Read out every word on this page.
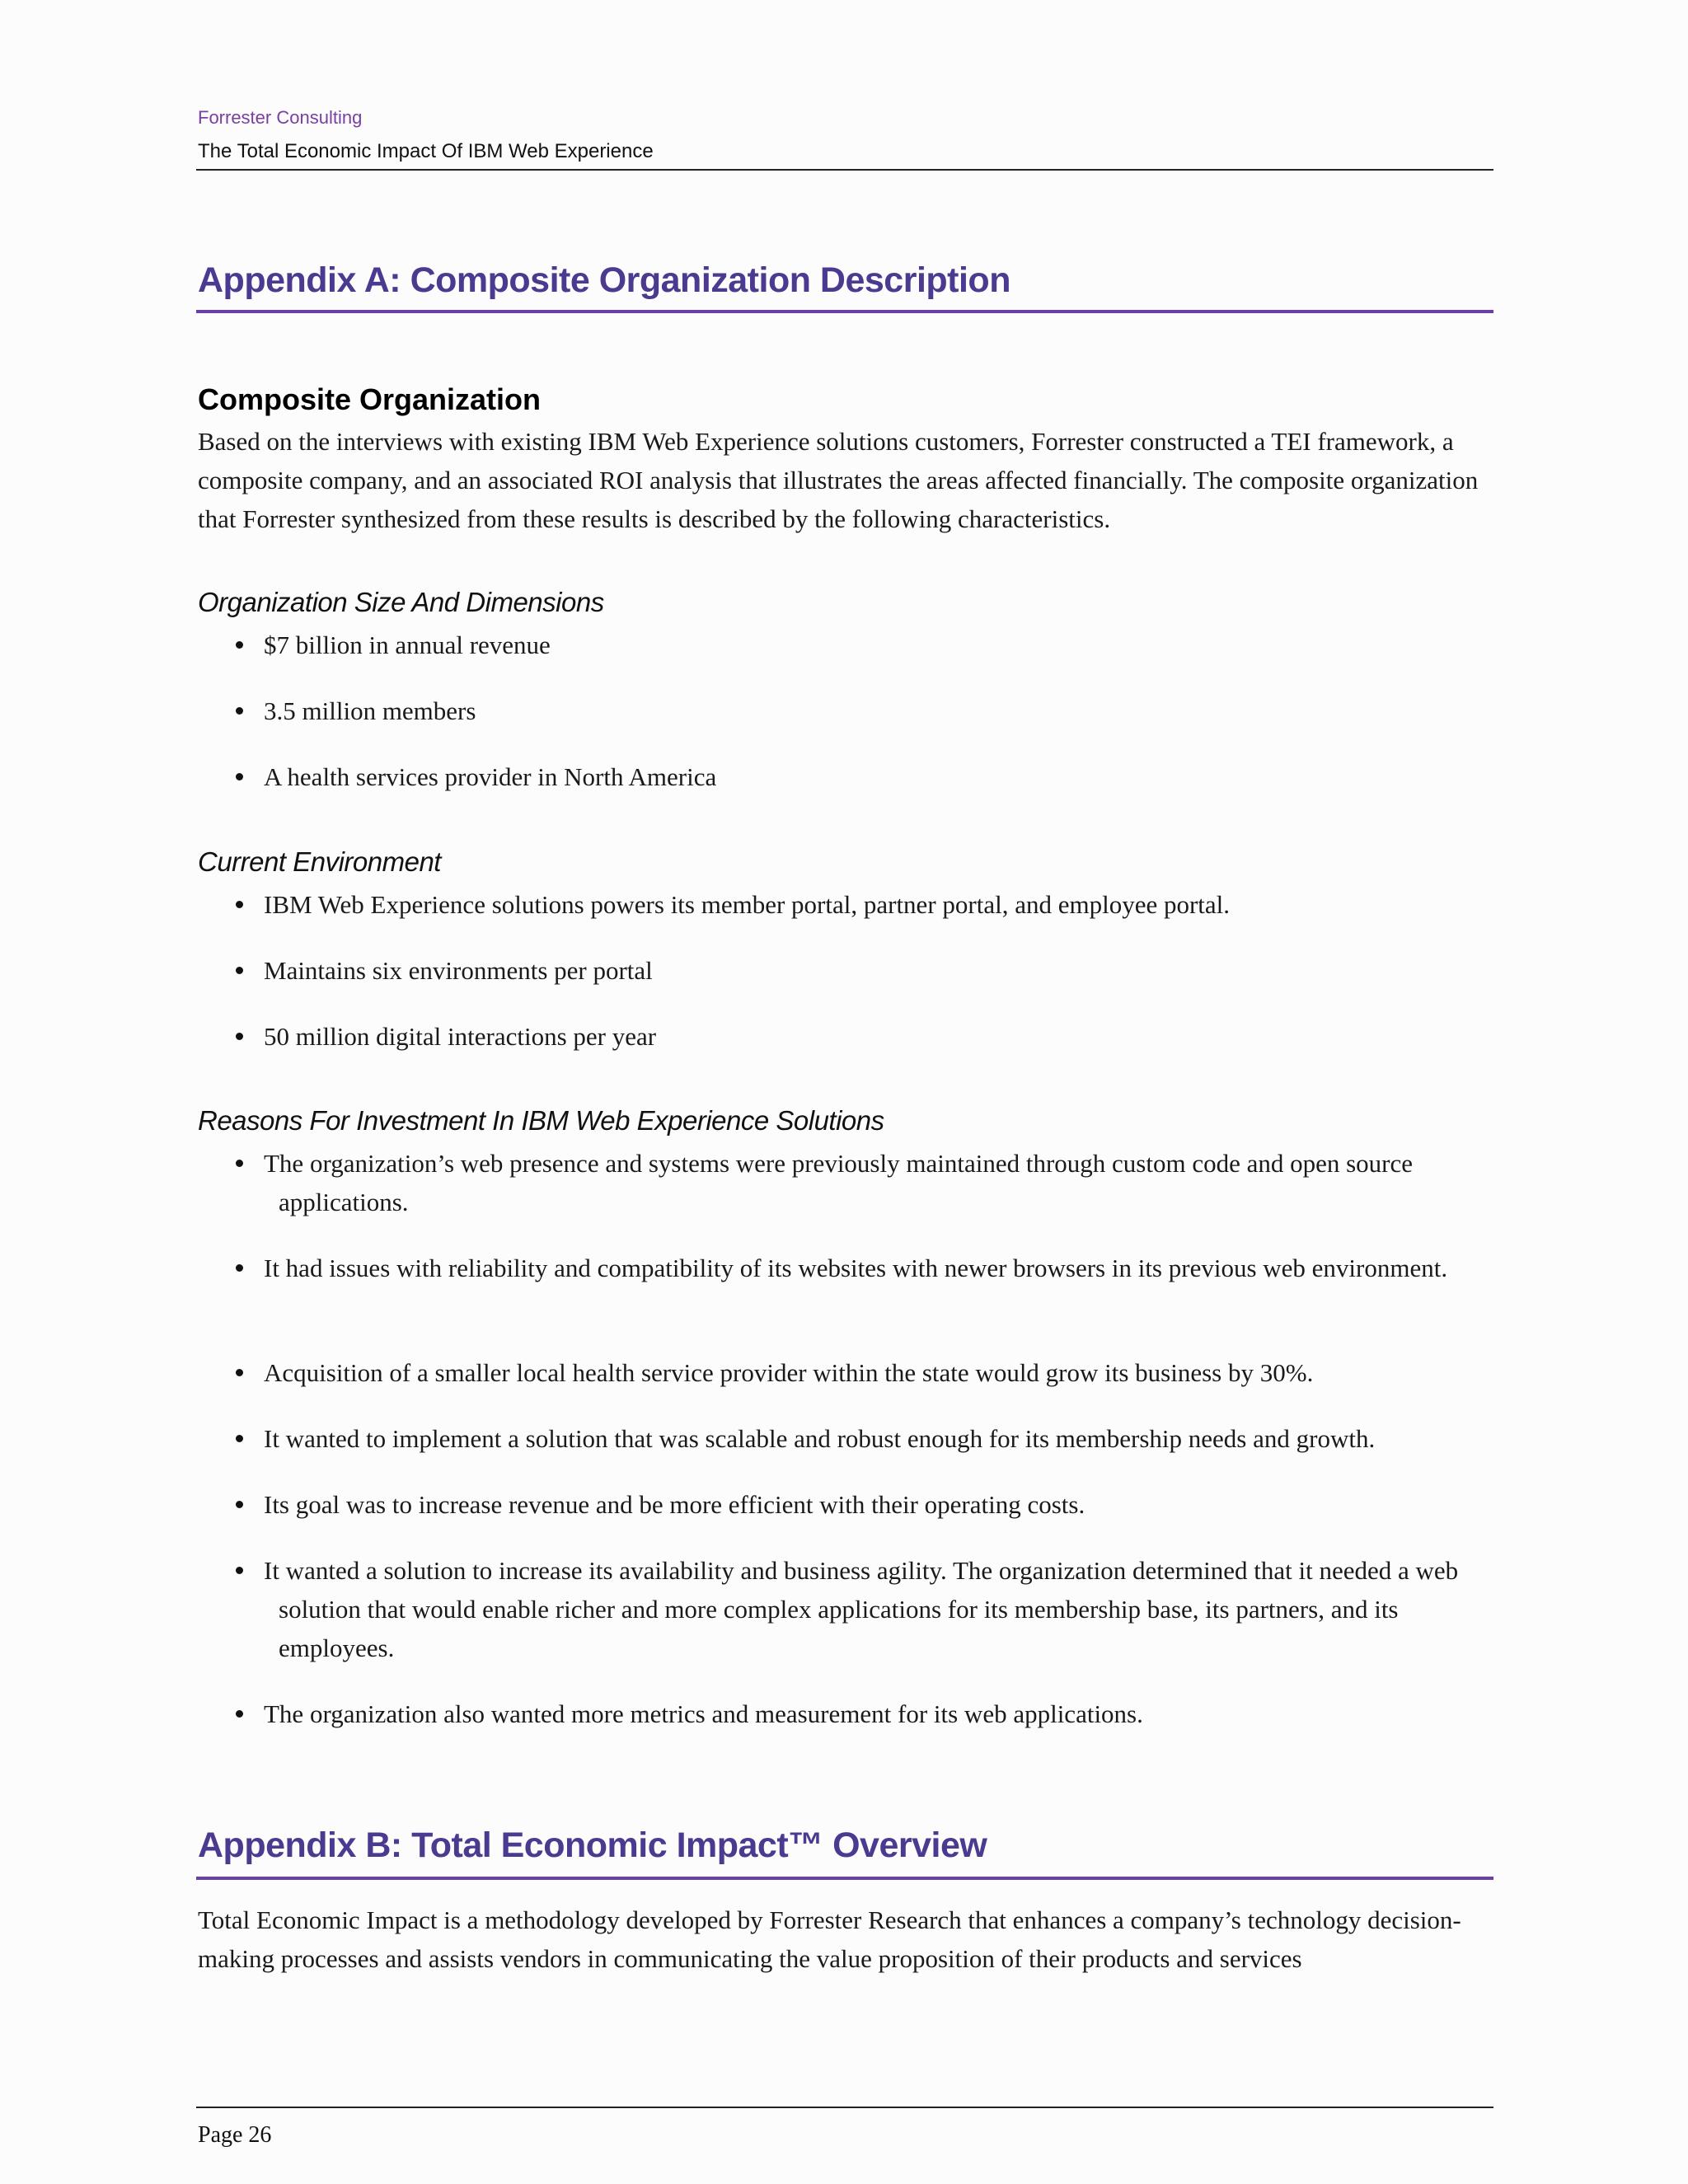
Forrester Consulting
The Total Economic Impact Of IBM Web Experience
Appendix A: Composite Organization Description
Composite Organization
Based on the interviews with existing IBM Web Experience solutions customers, Forrester constructed a TEI framework, a composite company, and an associated ROI analysis that illustrates the areas affected financially. The composite organization that Forrester synthesized from these results is described by the following characteristics.
Organization Size And Dimensions
$7 billion in annual revenue
3.5 million members
A health services provider in North America
Current Environment
IBM Web Experience solutions powers its member portal, partner portal, and employee portal.
Maintains six environments per portal
50 million digital interactions per year
Reasons For Investment In IBM Web Experience Solutions
The organization’s web presence and systems were previously maintained through custom code and open source applications.
It had issues with reliability and compatibility of its websites with newer browsers in its previous web environment.
Acquisition of a smaller local health service provider within the state would grow its business by 30%.
It wanted to implement a solution that was scalable and robust enough for its membership needs and growth.
Its goal was to increase revenue and be more efficient with their operating costs.
It wanted a solution to increase its availability and business agility. The organization determined that it needed a web solution that would enable richer and more complex applications for its membership base, its partners, and its employees.
The organization also wanted more metrics and measurement for its web applications.
Appendix B: Total Economic Impact™ Overview
Total Economic Impact is a methodology developed by Forrester Research that enhances a company’s technology decision-making processes and assists vendors in communicating the value proposition of their products and services
Page 26
